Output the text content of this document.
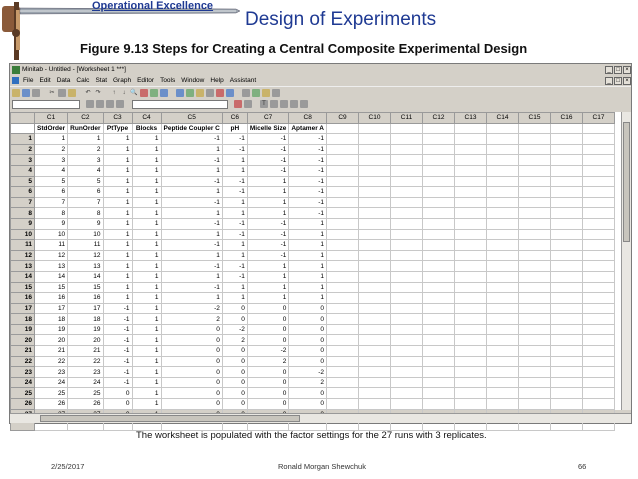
Operational Excellence
Design of Experiments
Figure 9.13 Steps for Creating a Central Composite Experimental Design
Minitab - Untitled - [Worksheet 1 ***]	_ □ ×
File Edit Data Calc Stat Graph Editor Tools Window Help Assistant	_ □ ×
✂	↶ ↷	↑	↓ 🔍
T
	C1	C2	C3	C4	C5	C6	C7	C8	C9	C10	C11	C12	C13	C14	C15	C16	C17
	StdOrder	RunOrder	PtType	Blocks	Peptide Coupler C	pH	Micelle Size	Aptamer A									
1	1	1	1	1	-1	-1	-1	-1									
2	2	2	1	1	1	-1	-1	-1									
3	3	3	1	1	-1	1	-1	-1									
4	4	4	1	1	1	1	-1	-1									
5	5	5	1	1	-1	-1	1	-1									
6	6	6	1	1	1	-1	1	-1									
7	7	7	1	1	-1	1	1	-1									
8	8	8	1	1	1	1	1	-1									
9	9	9	1	1	-1	-1	-1	1									
10	10	10	1	1	1	-1	-1	1									
11	11	11	1	1	-1	1	-1	1									
12	12	12	1	1	1	1	-1	1									
13	13	13	1	1	-1	-1	1	1									
14	14	14	1	1	1	-1	1	1									
15	15	15	1	1	-1	1	1	1									
16	16	16	1	1	1	1	1	1									
17	17	17	-1	1	-2	0	0	0									
18	18	18	-1	1	2	0	0	0									
19	19	19	-1	1	0	-2	0	0									
20	20	20	-1	1	0	2	0	0									
21	21	21	-1	1	0	0	-2	0									
22	22	22	-1	1	0	0	2	0									
23	23	23	-1	1	0	0	0	-2									
24	24	24	-1	1	0	0	0	2									
25	25	25	0	1	0	0	0	0									
26	26	26	0	1	0	0	0	0									

The worksheet is populated with the factor settings for the 27 runs with 3 replicates.
2/25/2017	Ronald Morgan Shewchuk	66
